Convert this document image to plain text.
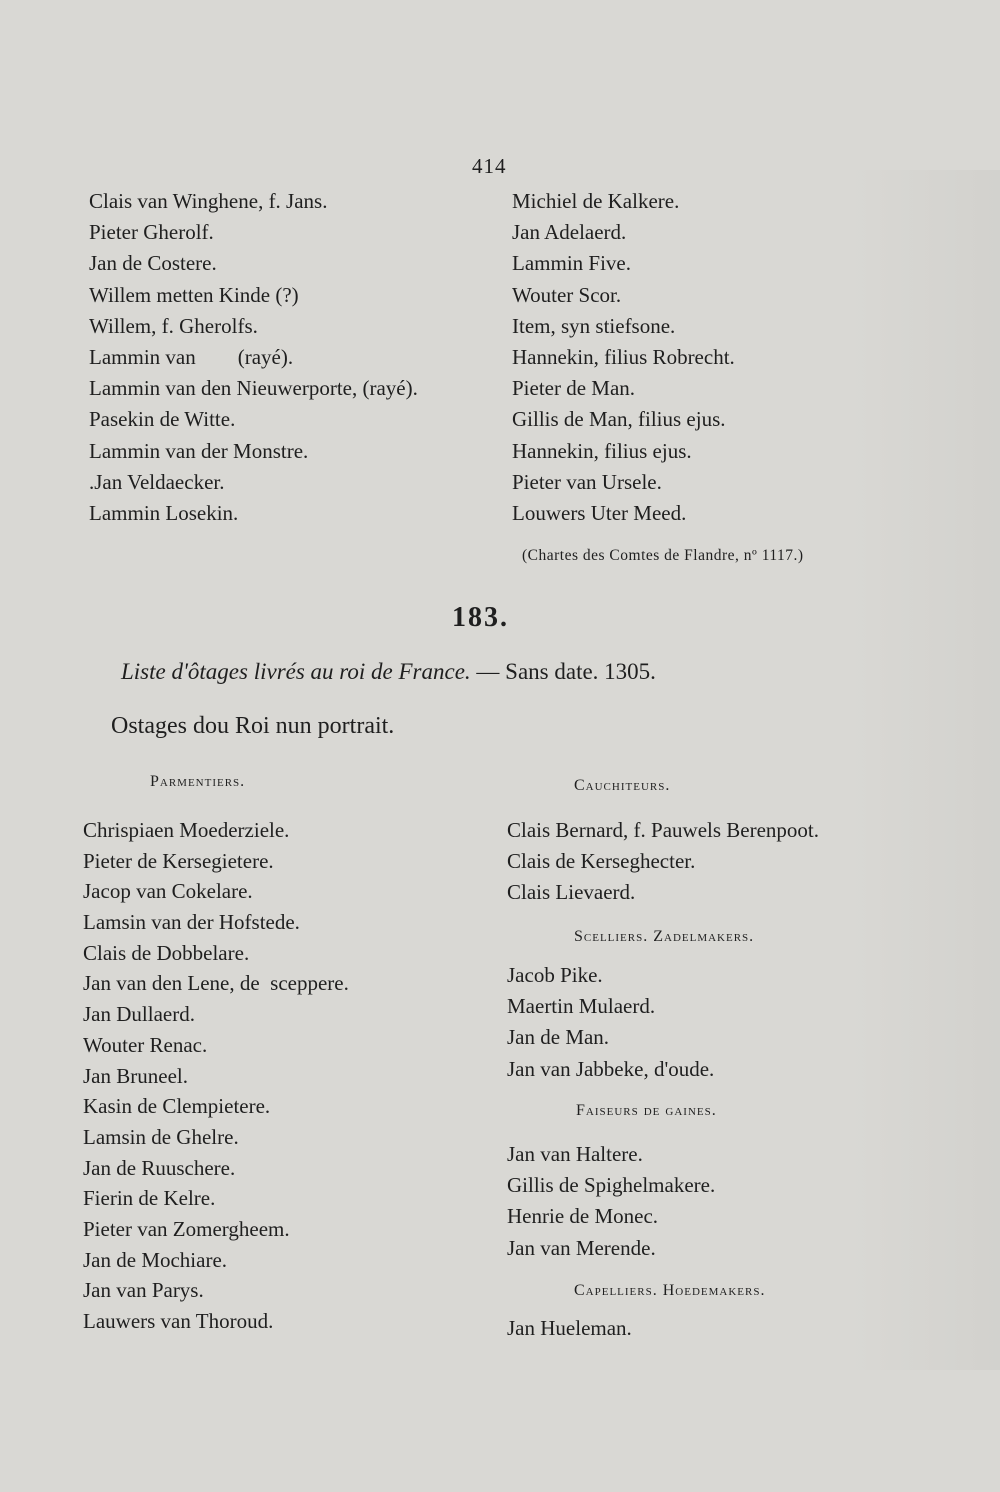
414
Clais van Winghene, f. Jans.
Pieter Gherolf.
Jan de Costere.
Willem metten Kinde (?)
Willem, f. Gherolfs.
Lammin van        (rayé).
Lammin van den Nieuwerporte, (rayé).
Pasekin de Witte.
Lammin van der Monstre.
.Jan Veldaecker.
Lammin Losekin.
Michiel de Kalkere.
Jan Adelaerd.
Lammin Five.
Wouter Scor.
Item, syn stiefsone.
Hannekin, filius Robrecht.
Pieter de Man.
Gillis de Man, filius ejus.
Hannekin, filius ejus.
Pieter van Ursele.
Louwers Uter Meed.
(Chartes des Comtes de Flandre, nº 1117.)
183.
Liste d'ôtages livrés au roi de France. — Sans date. 1305.
Ostages dou Roi nun portrait.
Parmentiers.
Chrispiaen Moederziele.
Pieter de Kersegietere.
Jacop van Cokelare.
Lamsin van der Hofstede.
Clais de Dobbelare.
Jan van den Lene, de  sceppere.
Jan Dullaerd.
Wouter Renac.
Jan Bruneel.
Kasin de Clempietere.
Lamsin de Ghelre.
Jan de Ruuschere.
Fierin de Kelre.
Pieter van Zomergheem.
Jan de Mochiare.
Jan van Parys.
Lauwers van Thoroud.
Cauchiteurs.
Clais Bernard, f. Pauwels Berenpoot.
Clais de Kerseghecter.
Clais Lievaerd.
Scelliers. Zadelmakers.
Jacob Pike.
Maertin Mulaerd.
Jan de Man.
Jan van Jabbeke, d'oude.
Faiseurs de gaines.
Jan van Haltere.
Gillis de Spighelmakere.
Henrie de Monec.
Jan van Merende.
Capelliers. Hoedemakers.
Jan Hueleman.
